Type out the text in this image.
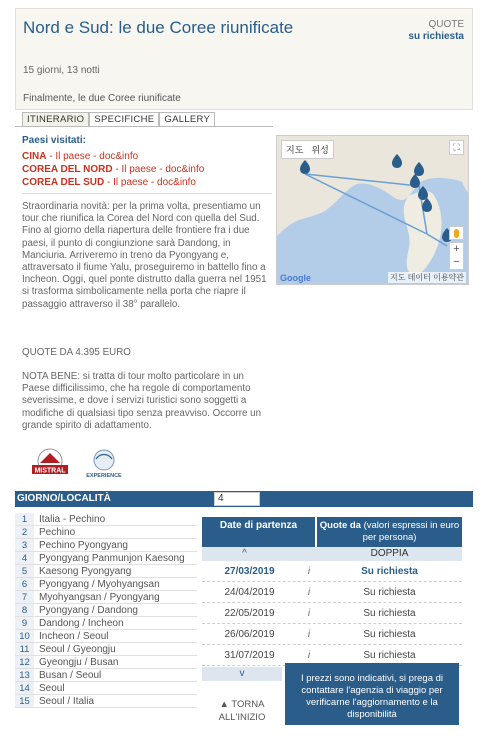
Nord e Sud: le due Coree riunificate
15 giorni, 13 notti
Finalmente, le due Coree riunificate
QUOTE
su richiesta
ITINERARIO	SPECIFICHE	GALLERY
Paesi visitati:
CINA - Il paese - doc&info
COREA DEL NORD - Il paese - doc&info
COREA DEL SUD - Il paese - doc&info
Straordinaria novità: per la prima volta, presentiamo un tour che riunifica la Corea del Nord con quella del Sud. Fino al giorno della riapertura delle frontiere fra i due paesi, il punto di congiunzione sarà Dandong, in Manciuria. Arriveremo in treno da Pyongyang e, attraversato il fiume Yalu, proseguiremo in battello fino a Incheon. Oggi, quel ponte distrutto dalla guerra nel 1951 si trasforma simbolicamente nella porta che riapre il passaggio attraverso il 38° parallelo.
QUOTE DA 4.395 EURO
NOTA BENE: si tratta di tour molto particolare in un Paese difficilissimo, che ha regole di comportamento severissime, e dove i servizi turistici sono soggetti a modifiche di qualsiasi tipo senza preavviso. Occorre un grande spirito di adattamento.
지도 위성	⛶
+
−
Google	지도 데이터 이용약관
MISTRAL
EXPERIENCE
GIORNO/LOCALITÀ	4
1	Italia - Pechino
2	Pechino
3	Pechino Pyongyang
4	Pyongyang Panmunjon Kaesong
5	Kaesong Pyongyang
6	Pyongyang / Myohyangsan
7	Myohyangsan / Pyongyang
8	Pyongyang / Dandong
9	Dandong / Incheon
10 Incheon / Seoul
11 Seoul / Gyeongju
12 Gyeongju / Busan
13 Busan / Seoul
14 Seoul
15 Seoul / Italia
Date di partenza	Quote da (valori espressi in euro per persona)
^	DOPPIA
27/03/2019	i	Su richiesta
24/04/2019	i	Su richiesta
22/05/2019	i	Su richiesta
26/06/2019	i	Su richiesta
31/07/2019	i	Su richiesta
v
▲ TORNA ALL'INIZIO
I prezzi sono indicativi, si prega di contattare l'agenzia di viaggio per verificarne l'aggiornamento e la disponibilità
